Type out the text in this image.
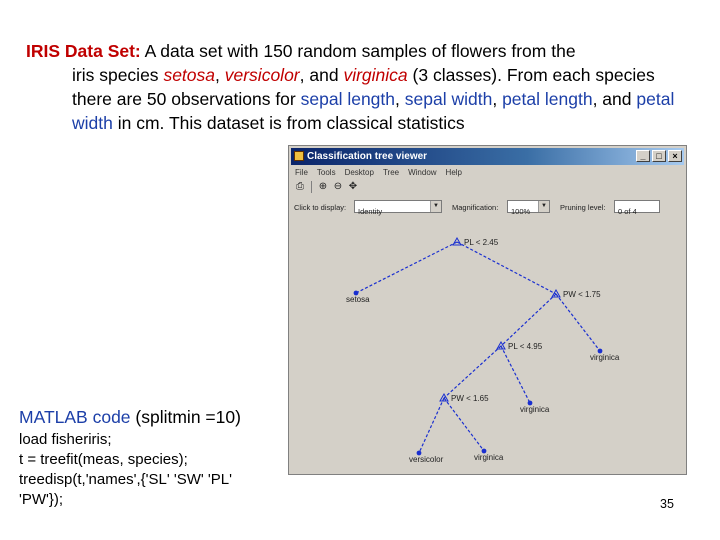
IRIS Data Set: A data set with 150 random samples of flowers from the
iris species setosa, versicolor, and virginica (3 classes). From each species there are 50 observations for sepal length, sepal width, petal length, and petal width in cm. This dataset is from classical statistics
Classification tree viewer	_	□	×
File Tools Desktop Tree Window Help
⎙ ⊕ ⊖ ✥
Click to display: Identity
▼ Magnification: 100%
▼ Pruning level: 0 of 4
PL < 2.45
setosa
PW < 1.75
PL < 4.95
virginica
PW < 1.65
virginica
versicolor	virginica
MATLAB code (splitmin =10)
load fisheriris;
t = treefit(meas, species);
treedisp(t,'names',{'SL' 'SW' 'PL'
'PW'});	35
